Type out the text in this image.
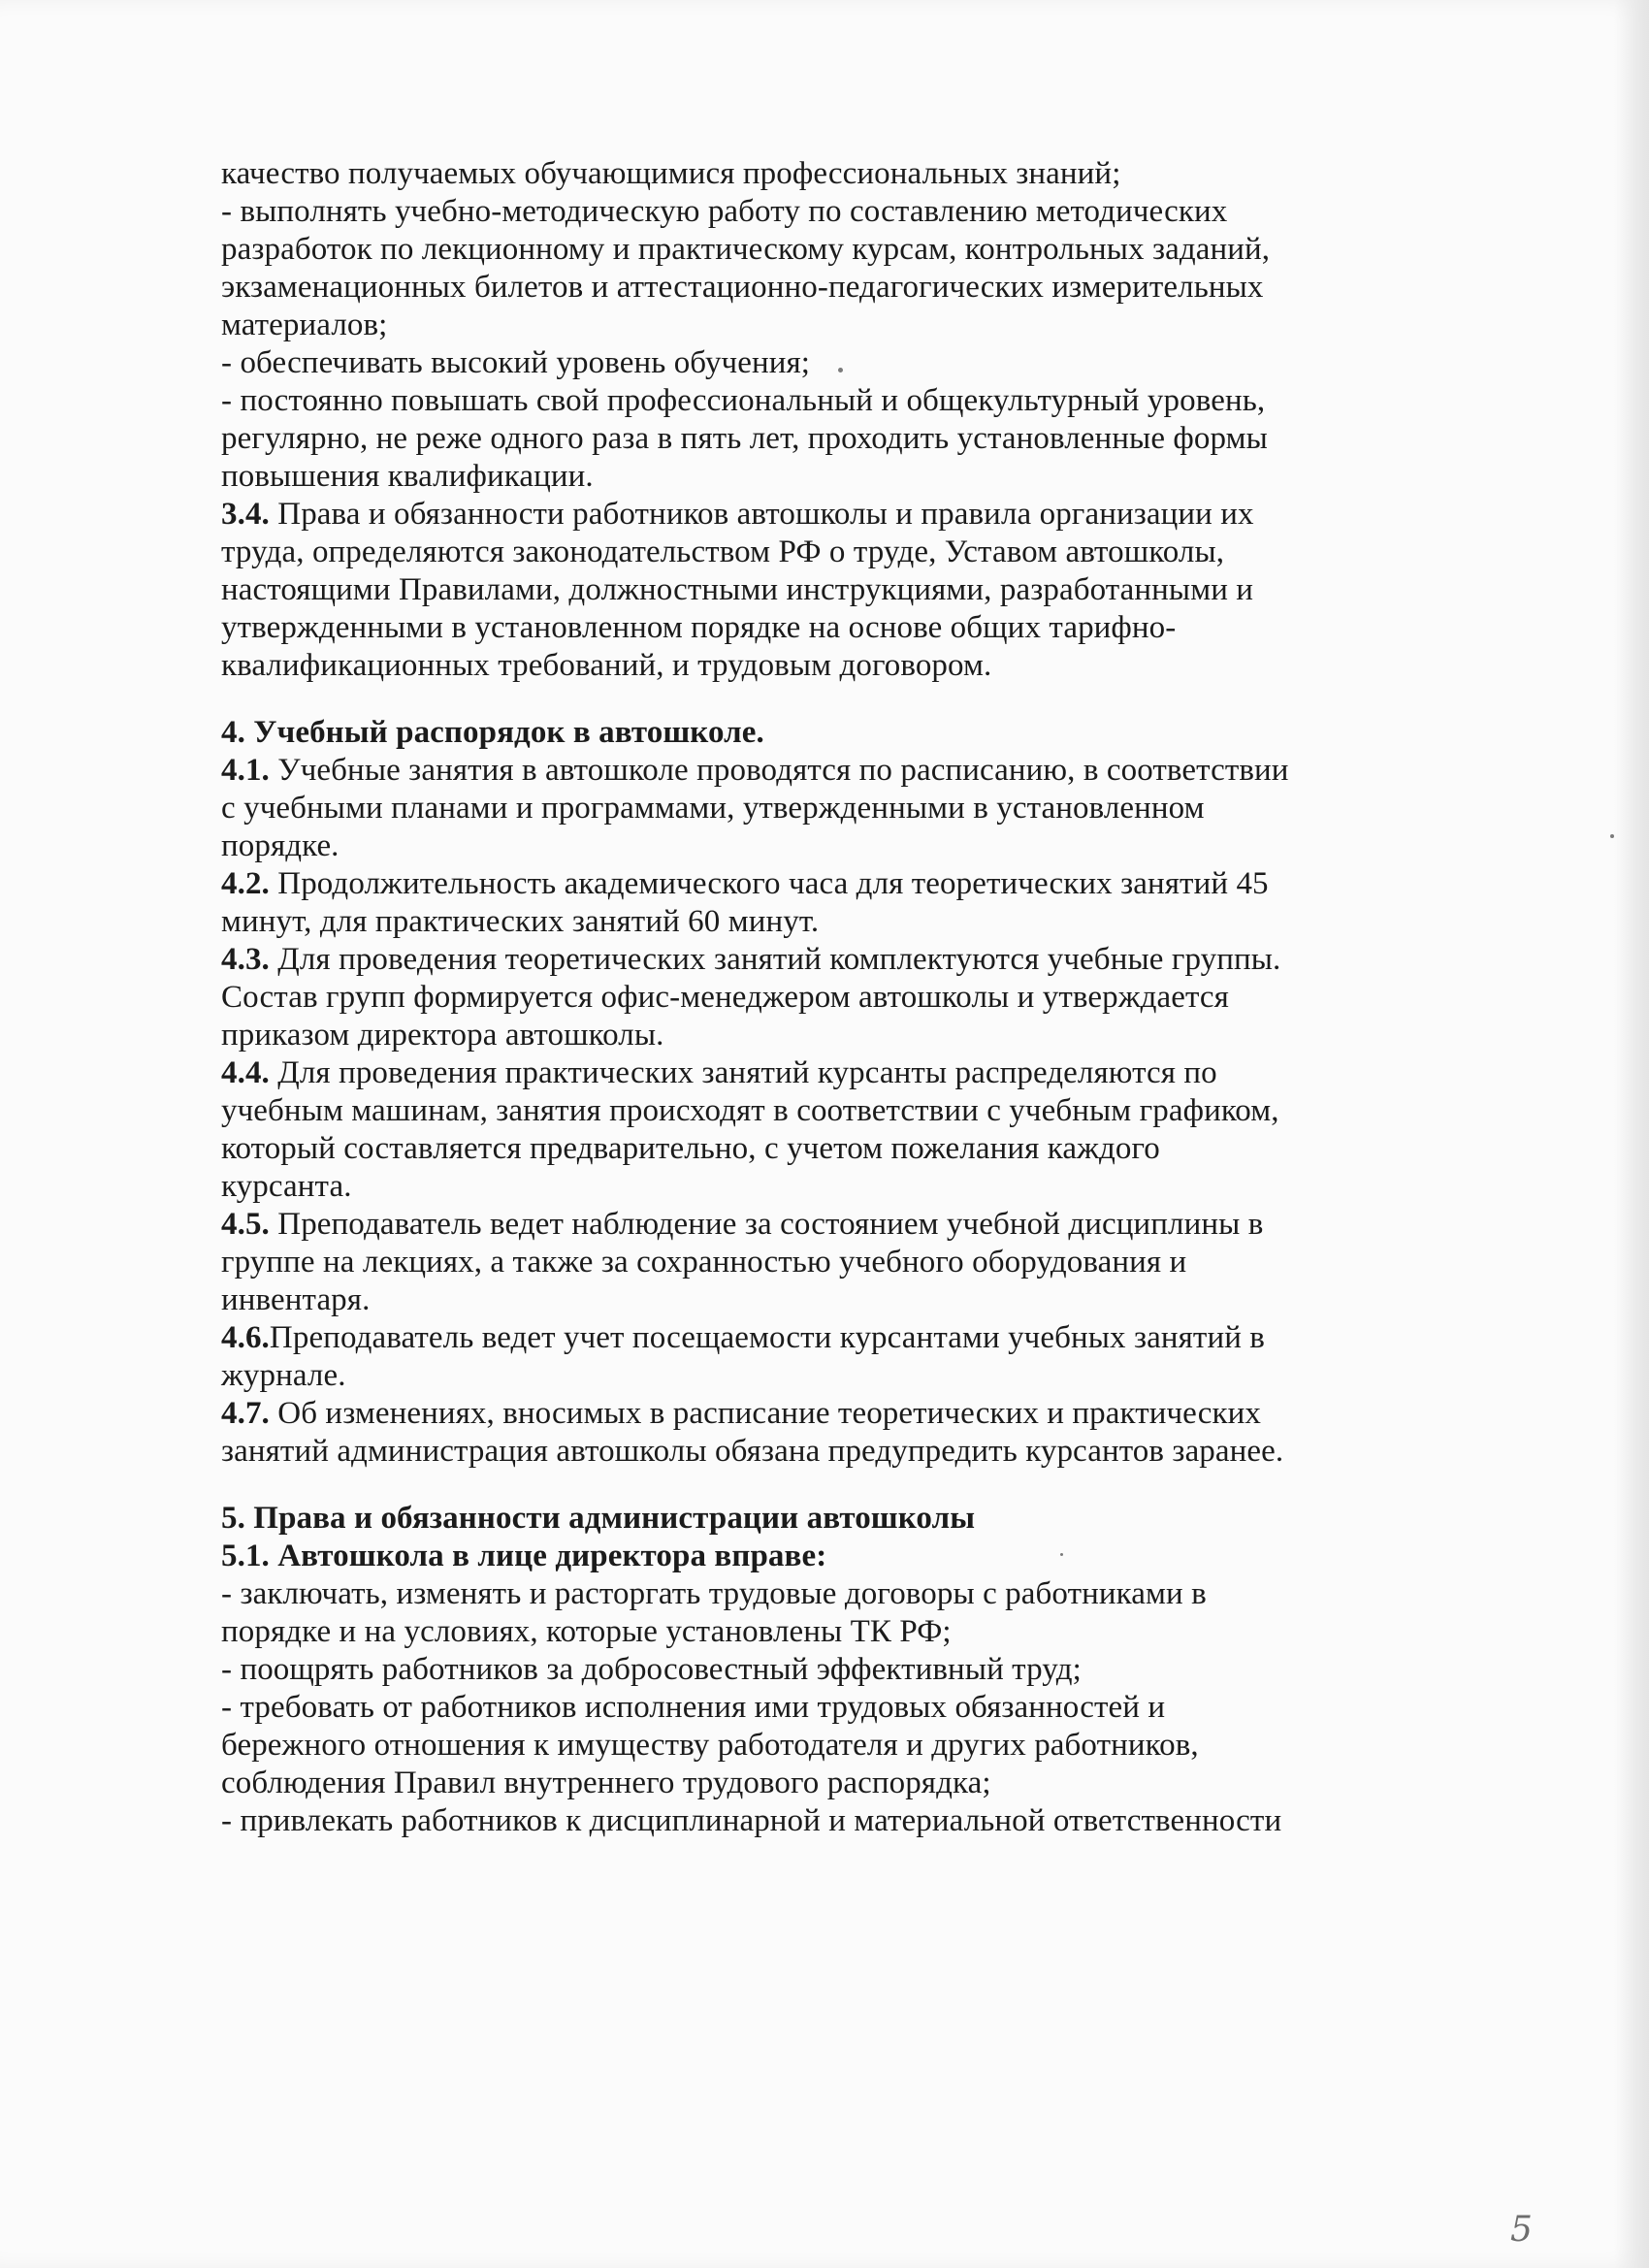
качество получаемых обучающимися профессиональных знаний;
- выполнять учебно-методическую работу по составлению методических
разработок по лекционному и практическому курсам, контрольных заданий,
экзаменационных билетов и аттестационно-педагогических измерительных
материалов;
- обеспечивать высокий уровень обучения;
- постоянно повышать свой профессиональный и общекультурный уровень,
регулярно, не реже одного раза в пять лет, проходить установленные формы
повышения квалификации.
3.4. Права и обязанности работников автошколы и правила организации их
труда, определяются законодательством РФ о труде, Уставом автошколы,
настоящими Правилами, должностными инструкциями, разработанными и
утвержденными в установленном порядке на основе общих тарифно-
квалификационных требований, и трудовым договором.
4. Учебный распорядок в автошколе.
4.1. Учебные занятия в автошколе проводятся по расписанию, в соответствии
с учебными планами и программами, утвержденными в установленном
порядке.
4.2. Продолжительность академического часа для теоретических занятий 45
минут, для практических занятий 60 минут.
4.3. Для проведения теоретических занятий комплектуются учебные группы.
Состав групп формируется офис-менеджером автошколы и утверждается
приказом директора автошколы.
4.4. Для проведения практических занятий курсанты распределяются по
учебным машинам, занятия происходят в соответствии с учебным графиком,
который составляется предварительно, с учетом пожелания каждого
курсанта.
4.5. Преподаватель ведет наблюдение за состоянием учебной дисциплины в
группе на лекциях, а также за сохранностью учебного оборудования и
инвентаря.
4.6.Преподаватель ведет учет посещаемости курсантами учебных занятий в
журнале.
4.7. Об изменениях, вносимых в расписание теоретических и практических
занятий администрация автошколы обязана предупредить курсантов заранее.
5. Права и обязанности администрации автошколы
5.1. Автошкола в лице директора вправе:
- заключать, изменять и расторгать трудовые договоры с работниками в
порядке и на условиях, которые установлены ТК РФ;
- поощрять работников за добросовестный эффективный труд;
- требовать от работников исполнения ими трудовых обязанностей и
бережного отношения к имуществу работодателя и других работников,
соблюдения Правил внутреннего трудового распорядка;
- привлекать работников к дисциплинарной и материальной ответственности
5
